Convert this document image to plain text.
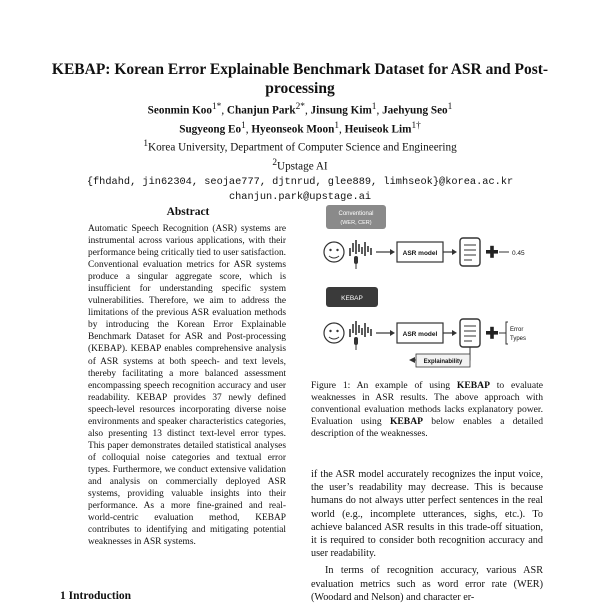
KEBAP: Korean Error Explainable Benchmark Dataset for ASR and Post-processing
Seonmin Koo$^{1*}$, Chanjun Park$^{2*}$, Jinsung Kim$^1$, Jaehyung Seo$^1$
Sugyeong Eo$^1$, Hyeonseok Moon$^1$, Heuiseok Lim$^{1\dagger}$
$^1$Korea University, Department of Computer Science and Engineering
$^2$Upstage AI
{fhdahd, jin62304, seojae777, djtnrud, glee889, limhseok}@korea.ac.kr
chanjun.park@upstage.ai
Abstract
Automatic Speech Recognition (ASR) systems are instrumental across various applications, with their performance being critically tied to user satisfaction. Conventional evaluation metrics for ASR systems produce a singular aggregate score, which is insufficient for understanding specific system vulnerabilities. Therefore, we aim to address the limitations of the previous ASR evaluation methods by introducing the Korean Error Explainable Benchmark Dataset for ASR and Post-processing (KEBAP). KEBAP enables comprehensive analysis of ASR systems at both speech- and text levels, thereby facilitating a more balanced assessment encompassing speech recognition accuracy and user readability. KEBAP provides 37 newly defined speech-level resources incorporating diverse noise environments and speaker characteristics categories, also presenting 13 distinct text-level error types. This paper demonstrates detailed statistical analyses of colloquial noise categories and textual error types. Furthermore, we conduct extensive validation and analysis on commercially deployed ASR systems, providing valuable insights into their performance. As a more fine-grained and real-world-centric evaluation method, KEBAP contributes to identifying and mitigating potential weaknesses in ASR systems.
1 Introduction
Conventional
(WER, CER)
ASR model	0.45
KEBAP
ASR model
Error
Types
Explainability
Figure 1: An example of using KEBAP to evaluate weaknesses in ASR results. The above approach with conventional evaluation methods lacks explanatory power. Evaluation using KEBAP below enables a detailed description of the weaknesses.

if the ASR model accurately recognizes the input voice, the user’s readability may decrease. This is because humans do not always utter perfect sentences in the real world (e.g., incomplete utterances, sighs, etc.). To achieve balanced ASR results in this trade-off situation, it is required to consider both recognition accuracy and user readability.

In terms of recognition accuracy, various ASR evaluation metrics such as word error rate (WER) (Woodard and Nelson) and character er-
